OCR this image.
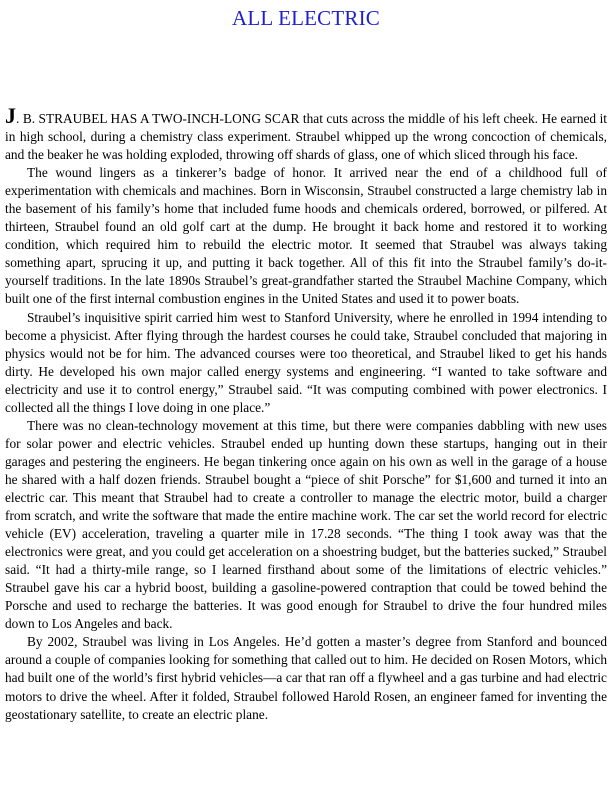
ALL ELECTRIC

J. B. STRAUBEL HAS A TWO-INCH-LONG SCAR that cuts across the middle of his left cheek. He earned it in high school, during a chemistry class experiment. Straubel whipped up the wrong concoction of chemicals, and the beaker he was holding exploded, throwing off shards of glass, one of which sliced through his face.

The wound lingers as a tinkerer’s badge of honor. It arrived near the end of a childhood full of experimentation with chemicals and machines. Born in Wisconsin, Straubel constructed a large chemistry lab in the basement of his family’s home that included fume hoods and chemicals ordered, borrowed, or pilfered. At thirteen, Straubel found an old golf cart at the dump. He brought it back home and restored it to working condition, which required him to rebuild the electric motor. It seemed that Straubel was always taking something apart, sprucing it up, and putting it back together. All of this fit into the Straubel family’s do-it-yourself traditions. In the late 1890s Straubel’s great-grandfather started the Straubel Machine Company, which built one of the first internal combustion engines in the United States and used it to power boats.

Straubel’s inquisitive spirit carried him west to Stanford University, where he enrolled in 1994 intending to become a physicist. After flying through the hardest courses he could take, Straubel concluded that majoring in physics would not be for him. The advanced courses were too theoretical, and Straubel liked to get his hands dirty. He developed his own major called energy systems and engineering. “I wanted to take software and electricity and use it to control energy,” Straubel said. “It was computing combined with power electronics. I collected all the things I love doing in one place.”

There was no clean-technology movement at this time, but there were companies dabbling with new uses for solar power and electric vehicles. Straubel ended up hunting down these startups, hanging out in their garages and pestering the engineers. He began tinkering once again on his own as well in the garage of a house he shared with a half dozen friends. Straubel bought a “piece of shit Porsche” for $1,600 and turned it into an electric car. This meant that Straubel had to create a controller to manage the electric motor, build a charger from scratch, and write the software that made the entire machine work. The car set the world record for electric vehicle (EV) acceleration, traveling a quarter mile in 17.28 seconds. “The thing I took away was that the electronics were great, and you could get acceleration on a shoestring budget, but the batteries sucked,” Straubel said. “It had a thirty-mile range, so I learned firsthand about some of the limitations of electric vehicles.” Straubel gave his car a hybrid boost, building a gasoline-powered contraption that could be towed behind the Porsche and used to recharge the batteries. It was good enough for Straubel to drive the four hundred miles down to Los Angeles and back.

By 2002, Straubel was living in Los Angeles. He’d gotten a master’s degree from Stanford and bounced around a couple of companies looking for something that called out to him. He decided on Rosen Motors, which had built one of the world’s first hybrid vehicles—a car that ran off a flywheel and a gas turbine and had electric motors to drive the wheel. After it folded, Straubel followed Harold Rosen, an engineer famed for inventing the geostationary satellite, to create an electric plane.
